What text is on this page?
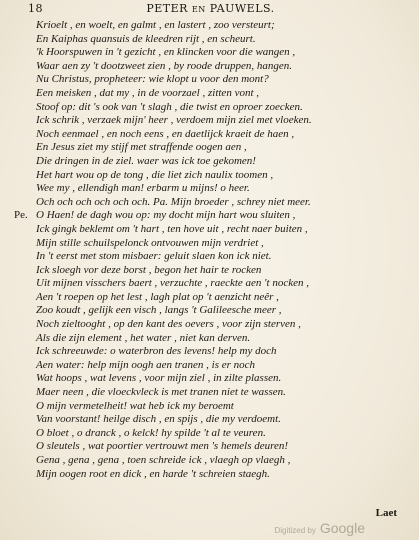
18	PETER en PAUWELS.
Krioelt , en woelt, en galmt , en lastert , zoo versteurt;
En Kaiphas quansuis de kleedren rijt , en scheurt.
'k Hoorspuwen in 't gezicht , en klincken voor die wangen ,
Waar aen zy 't dootzweet zien , by roode druppen, hangen.
Nu Christus, propheteer: wie klopt u voor den mont?
Een meisken , dat my , in de voorzael , zitten vont ,
Stoof op: dit 's ook van 't slagh , die twist en oproer zoecken.
Ick schrik , verzaek mijn' heer , verdoem mijn ziel met vloeken.
Noch eenmael , en noch eens , en daetlijck kraeit de haen ,
En Jesus ziet my stijf met straffende oogen aen ,
Die dringen in de ziel. waer was ick toe gekomen!
Het hart wou op de tong , die liet zich naulix toomen ,
Wee my , ellendigh man! erbarm u mijns! o heer.
Och och och och och och. Pa. Mijn broeder , schrey niet meer.
Pe. O Haen! de dagh wou op: my docht mijn hart wou sluiten ,
Ick gingk beklemt om 't hart , ten hove uit , recht naer buiten ,
Mijn stille schuilspelonck ontvouwen mijn verdriet ,
In 't eerst met stom misbaer: geluit slaen kon ick niet.
Ick sloegh vor deze borst , begon het hair te rocken
Uit mijnen visschers baert , verzuchte , raeckte aen 't nocken ,
Aen 't roepen op het lest , lagh plat op 't aenzicht neêr ,
Zoo koudt , gelijk een visch , langs 't Galileesche meer ,
Noch zieltooght , op den kant des oevers , voor zijn sterven ,
Als die zijn element , het water , niet kan derven.
Ick schreeuwde: o waterbron des levens! help my doch
Aen water: help mijn oogh aen tranen , is er noch
Wat hoops , wat levens , voor mijn ziel , in zilte plassen.
Maer neen , die vloeckvleck is met tranen niet te wassen.
O mijn vermetelheit! wat heb ick my beroemt
Van voorstant! heilge disch , en spijs , die my verdoemt.
O bloet , o dranck , o kelck! hy spilde 't al te veuren.
O sleutels , wat poortier vertrouwt men 's hemels deuren!
Gena , gena , gena , toen schreide ick , vlaegh op vlaegh ,
Mijn oogen root en dick , en harde 't schreien staegh.
Laet
Digitized by Google
